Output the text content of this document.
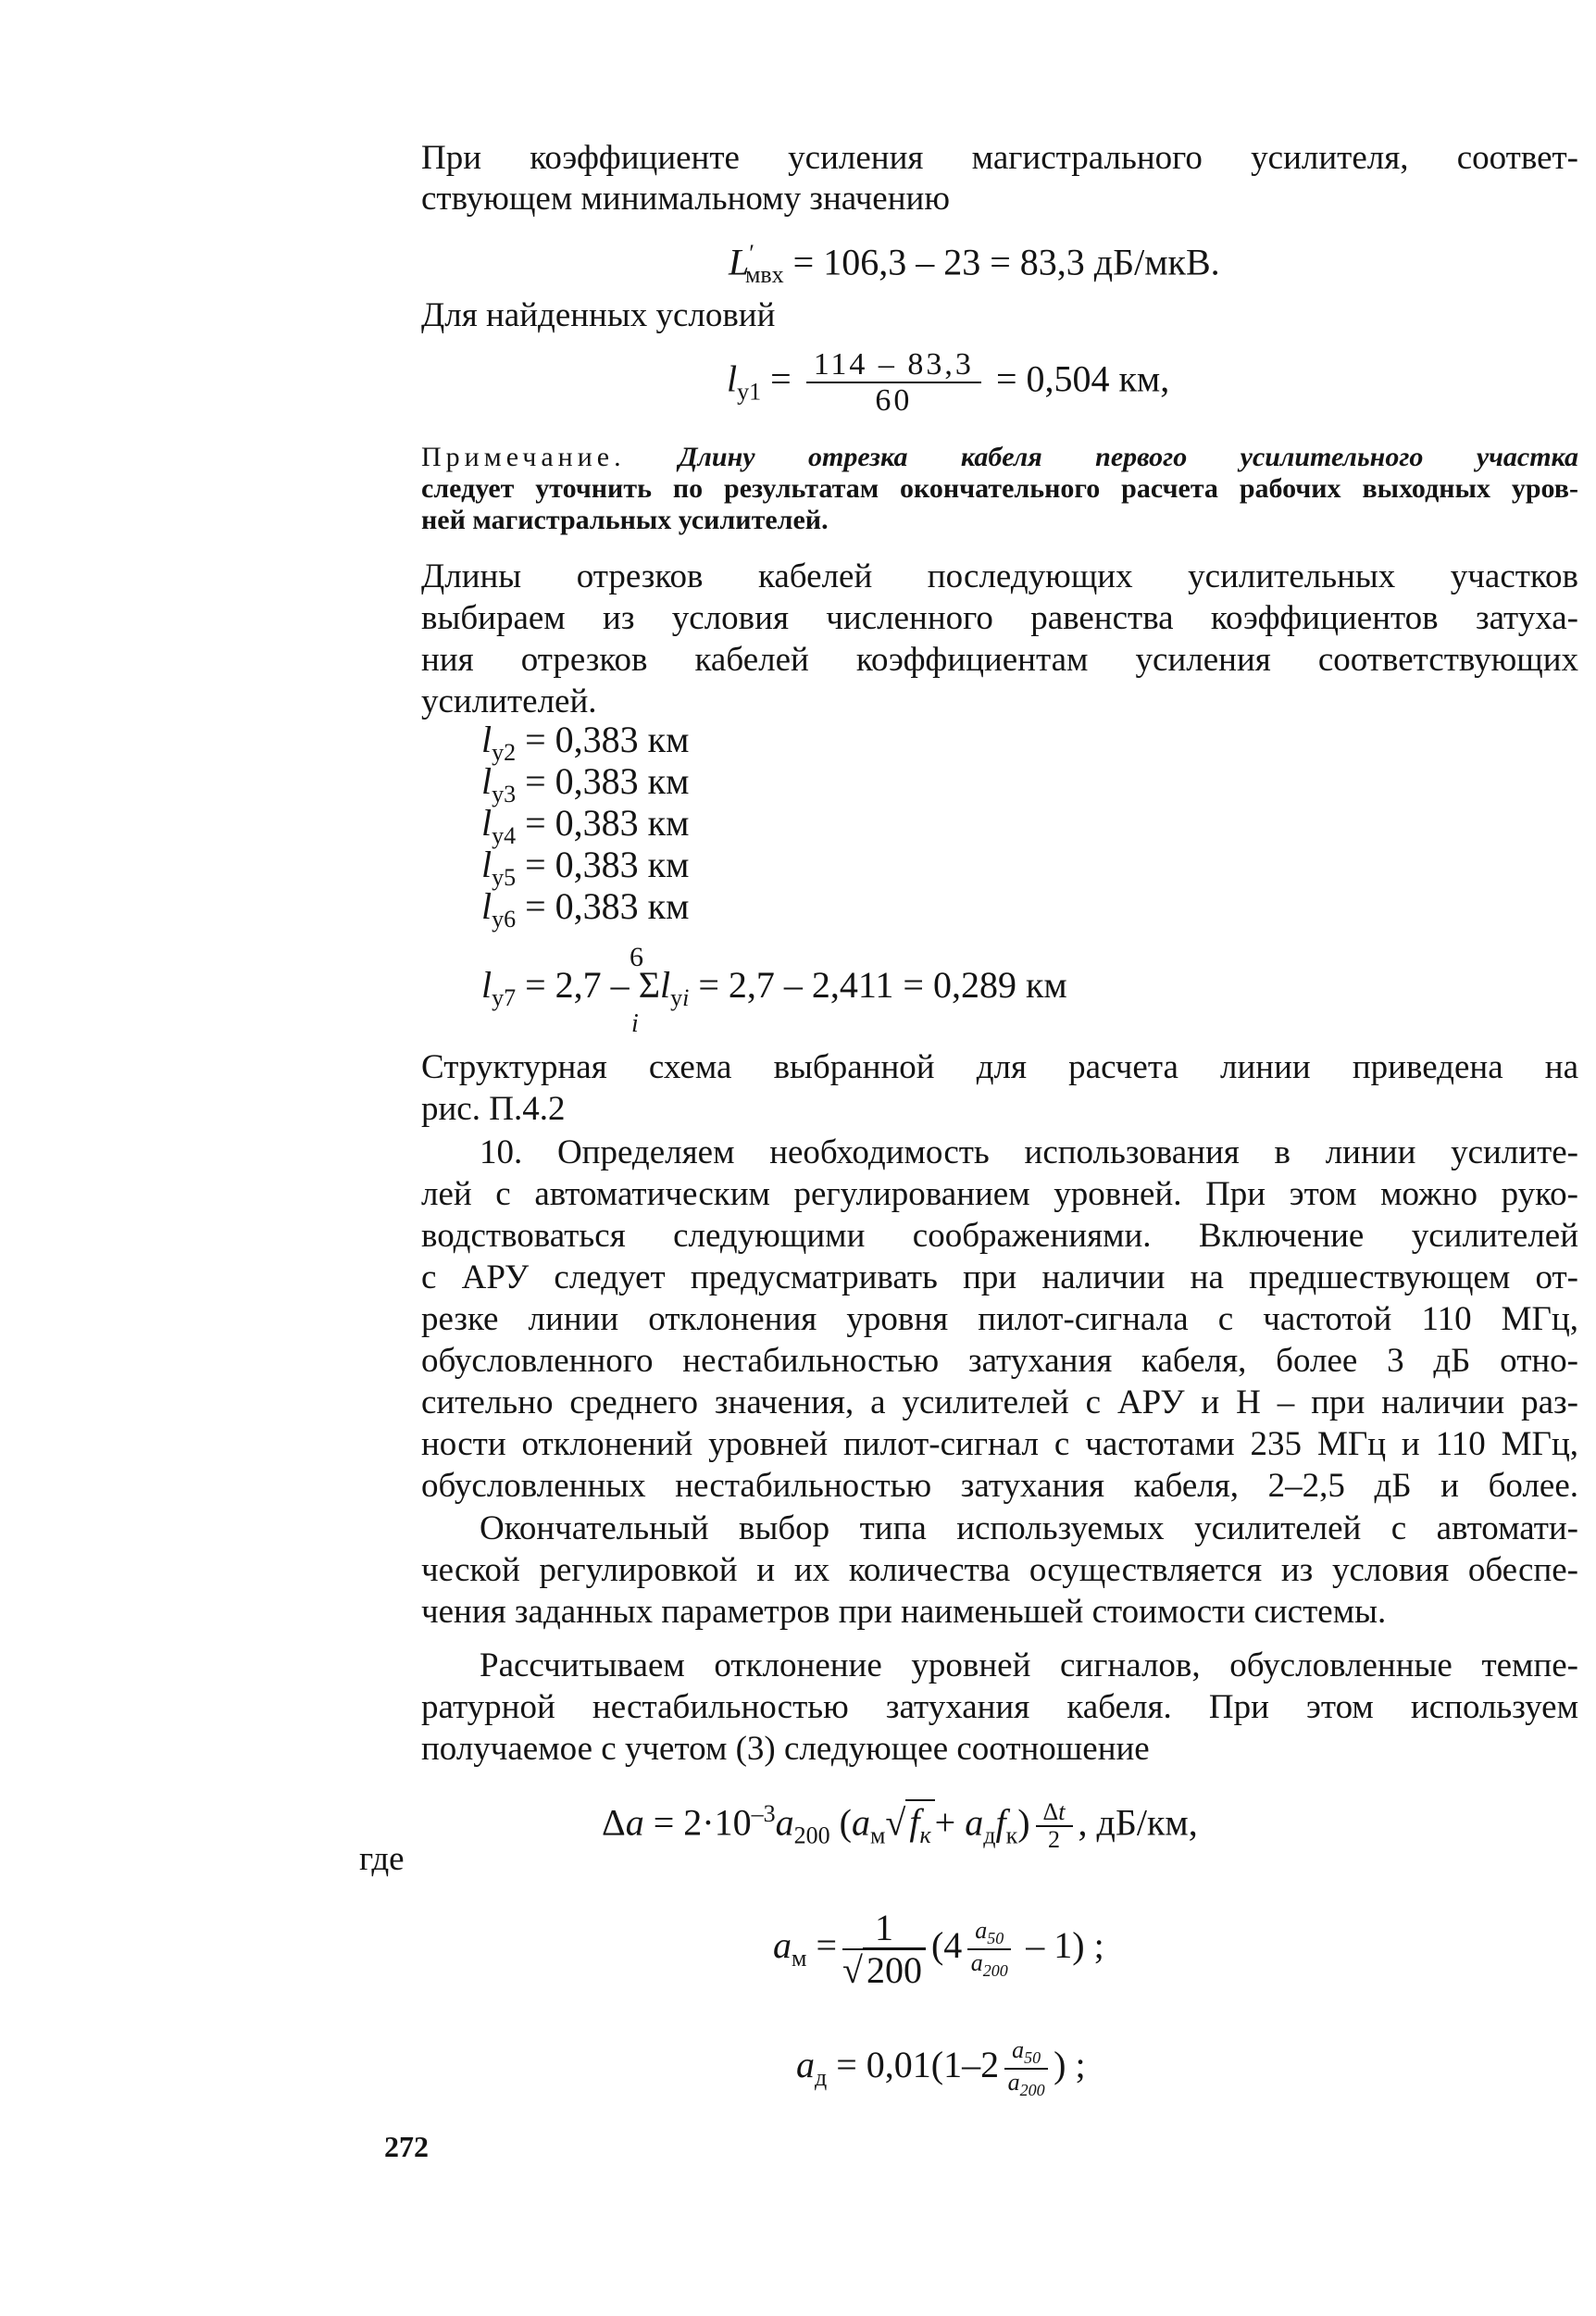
При коэффициенте усиления магистрального усилителя, соответ-
ствующем минимальному значению
$L'_{мвх} = 106,3 - 23 = 83,3$ дБ/мкВ.
Для найденных условий
$l_{у1} = \frac{114 - 83,3}{60} = 0,504$ км,
Примечание. Длину отрезка кабеля первого усилительного участка
следует уточнить по результатам окончательного расчета рабочих выходных уров-
ней магистральных усилителей.
Длины отрезков кабелей последующих усилительных участков
выбираем из условия численного равенства коэффициентов затуха-
ния отрезков кабелей коэффициентам усиления соответствующих
усилителей.
$l_{у2} = 0,383$ км
$l_{у3} = 0,383$ км
$l_{у4} = 0,383$ км
$l_{у5} = 0,383$ км
$l_{у6} = 0,383$ км
6
$l_{у7} = 2,7 - \Sigma l_{уi} = 2,7 - 2,411 = 0,289$ км
i
Структурная схема выбранной для расчета линии приведена на
рис. П.4.2
10. Определяем необходимость использования в линии усилите-
лей с автоматическим регулированием уровней. При этом можно руко-
водствоваться следующими соображениями. Включение усилителей
с АРУ следует предусматривать при наличии на предшествующем от-
резке линии отклонения уровня пилот-сигнала с частотой 110 МГц,
обусловленного нестабильностью затухания кабеля, более 3 дБ отно-
сительно среднего значения, а усилителей с АРУ и Н – при наличии раз-
ности отклонений уровней пилот-сигнал с частотами 235 МГц и 110 МГц,
обусловленных нестабильностью затухания кабеля, 2–2,5 дБ и более.
Окончательный выбор типа используемых усилителей с автомати-
ческой регулировкой и их количества осуществляется из условия обеспе-
чения заданных параметров при наименьшей стоимости системы.
Рассчитываем отклонение уровней сигналов, обусловленные темпе-
ратурной нестабильностью затухания кабеля. При этом используем
получаемое с учетом (3) следующее соотношение
$\Delta a = 2\cdot 10^{-3}a_{200}$ ($a_м√$ $f_к + a_дf_к) \frac{\Delta t}{2}$ , дБ/км,
где
$a_м = \frac{1}{√ 200} (4 \frac{a_{50}}{a_{200}} - 1)$ ;
$a_д = 0,01(1-2 \frac{a_{50}}{a_{200}}$ ) ;
272
